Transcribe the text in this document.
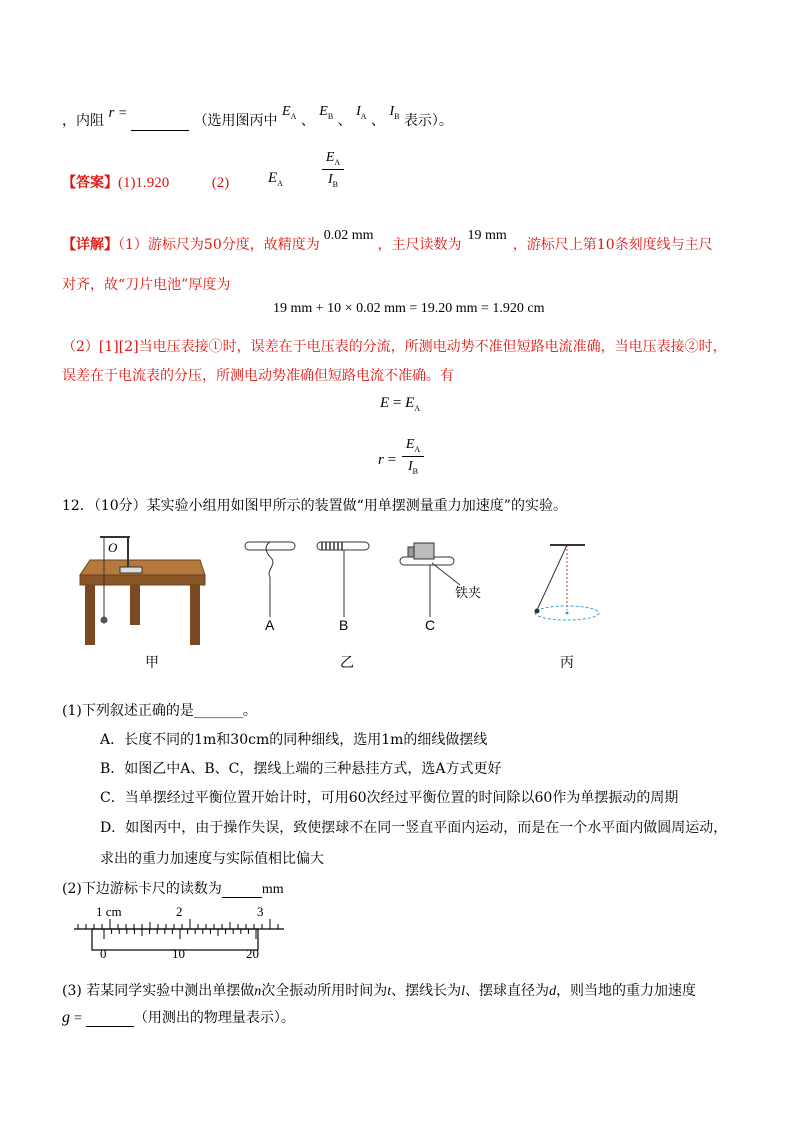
，内阻 r =	（选用图丙中 $E_A$ 、 $E_B$ 、 $I_A$ 、 $I_B$ 表示）。
【答案】(1)1.920	(2)	$E_A$
$E_A$
$I_B$
【详解】（1）游标尺为50分度，故精度为0.02 mm，主尺读数为19 mm，游标尺上第10条刻度线与主尺
对齐，故“刀片电池”厚度为
19 mm + 10 × 0.02 mm = 19.20 mm = 1.920 cm
（2）[1][2]当电压表接①时，误差在于电压表的分流，所测电动势不准但短路电流准确，当电压表接②时，
误差在于电流表的分压，所测电动势准确但短路电流不准确。有
$E = E_A$
r =
$E_A$
$I_B$
12．（10分）某实验小组用如图甲所示的装置做“用单摆测量重力加速度”的实验。
O
铁夹
A	B	C
甲	乙	丙
(1)下列叙述正确的是_______。
A．长度不同的1m和30cm的同种细线，选用1m的细线做摆线
B．如图乙中A、B、C，摆线上端的三种悬挂方式，选A方式更好
C．当单摆经过平衡位置开始计时，可用60次经过平衡位置的时间除以60作为单摆振动的周期
D．如图丙中，由于操作失误，致使摆球不在同一竖直平面内运动，而是在一个水平面内做圆周运动，
求出的重力加速度与实际值相比偏大
(2)下边游标卡尺的读数为	mm
1 cm	2	3
0	10	20
(3) 若某同学实验中测出单摆做n次全振动所用时间为t、摆线长为l、摆球直径为d，则当地的重力加速度
g =	（用测出的物理量表示）。
